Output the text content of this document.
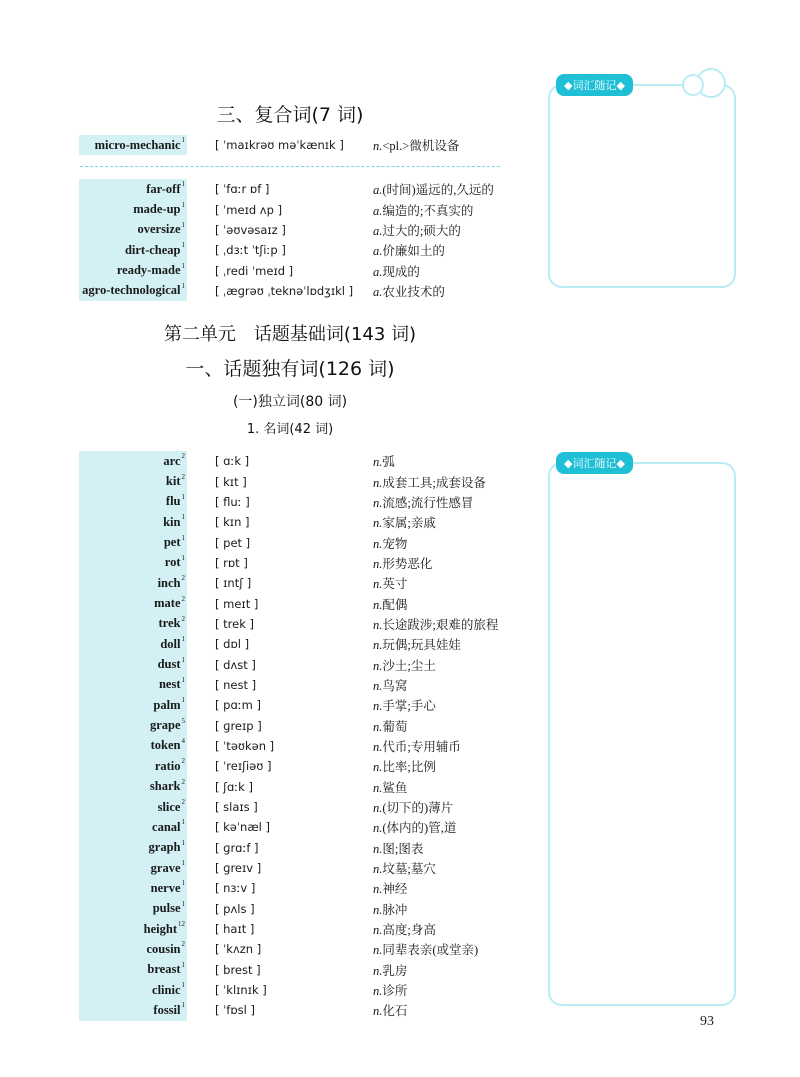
三、复合词(7 词)
micro-mechanic$^1$	[ ˈmaɪkrəʊ məˈkænɪk ]	n.<pl.>微机设备
far-off$^1$	[ ˈfɑːr ɒf ]	a.(时间)遥远的,久远的
made-$up^1$	[ ˈmeɪd ʌp ]	a.编造的;不真实的
oversize$^1$	[ ˈəʊvəsaɪz ]	a.过大的;硕大的
dirt-cheap$^1$	[ ˌdɜːt ˈtʃiːp ]	a.价廉如土的
ready-made$^1$	[ ˌredi ˈmeɪd ]	a.现成的
agro-technological$^1$	[ ˌæɡrəʊ ˌteknəˈlɒdʒɪkl ]	a.农业技术的
第二单元　话题基础词(143 词)
一、话题独有词(126 词)
(一)独立词(80 词)
1. 名词(42 词)
arc$^2$	[ ɑːk ]	n.弧
kit$^2$	[ kɪt ]	n.成套工具;成套设备
flu$^1$	[ fluː ]	n.流感;流行性感冒
kin$^1$	[ kɪn ]	n.家属;亲戚
pet$^1$	[ pet ]	n.宠物
rot$^1$	[ rɒt ]	n.形势恶化
inch$^2$	[ ɪntʃ ]	n.英寸
mate$^2$	[ meɪt ]	n.配偶
trek$^2$	[ trek ]	n.长途跋涉;艰难的旅程
doll$^1$	[ dɒl ]	n.玩偶;玩具娃娃
dust$^1$	[ dʌst ]	n.沙土;尘土
nest$^1$	[ nest ]	n.鸟窝
palm$^1$	[ pɑːm ]	n.手掌;手心
grape$^5$	[ ɡreɪp ]	n.葡萄
token$^4$	[ ˈtəʊkən ]	n.代币;专用辅币
ratio$^2$	[ ˈreɪʃiəʊ ]	n.比率;比例
shark$^2$	[ ʃɑːk ]	n.鲨鱼
slice$^2$	[ slaɪs ]	n.(切下的)薄片
canal$^1$	[ kəˈnæl ]	n.(体内的)管,道
graph$^1$	[ ɡrɑːf ]	n.图;图表
grave$^1$	[ ɡreɪv ]	n.坟墓;墓穴
nerve$^1$	[ nɜːv ]	n.神经
pulse$^1$	[ pʌls ]	n.脉冲
height$^{12}$	[ haɪt ]	n.高度;身高
cousin$^2$	[ ˈkʌzn ]	n.同辈表亲(或堂亲)
breast$^1$	[ brest ]	n.乳房
clinic$^1$	[ ˈklɪnɪk ]	n.诊所
fossil$^1$	[ ˈfɒsl ]	n.化石
◆词汇随记◆
◆词汇随记◆
93
